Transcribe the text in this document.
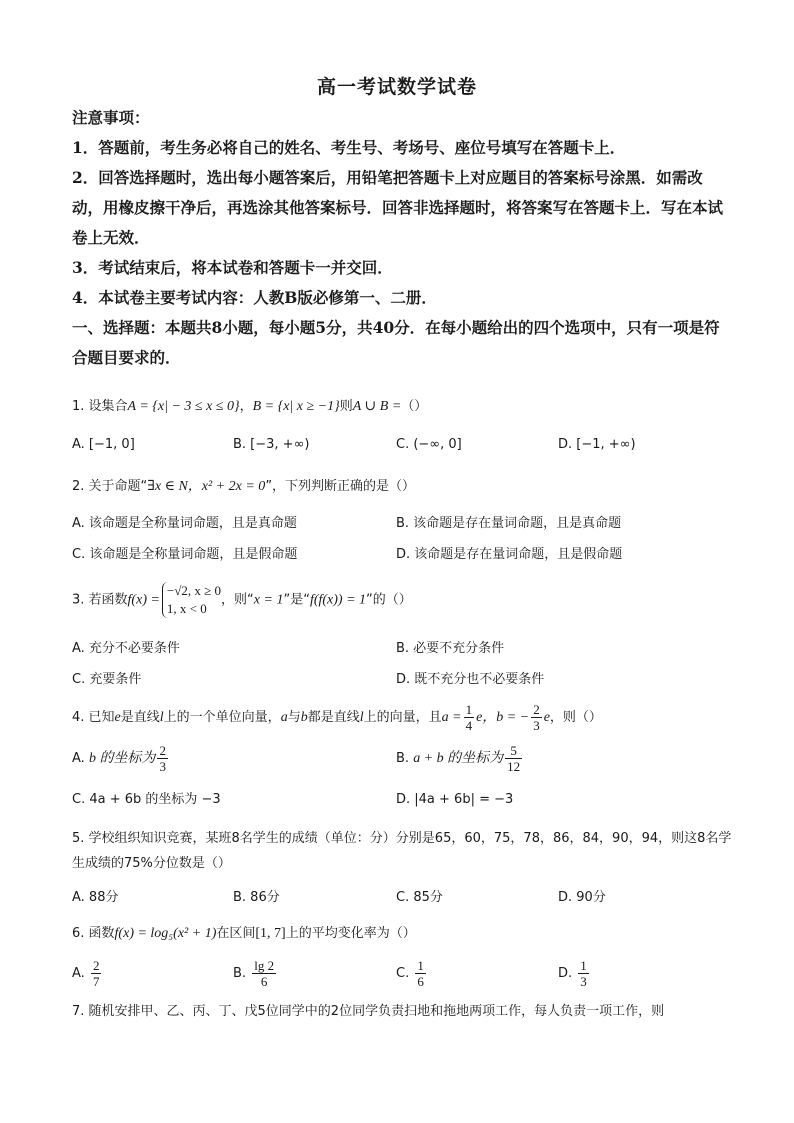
高一考试数学试卷

注意事项：

1．答题前，考生务必将自己的姓名、考生号、考场号、座位号填写在答题卡上．

2．回答选择题时，选出每小题答案后，用铅笔把答题卡上对应题目的答案标号涂黑．如需改动，用橡皮擦干净后，再选涂其他答案标号．回答非选择题时，将答案写在答题卡上．写在本试卷上无效．

3．考试结束后，将本试卷和答题卡一并交回．

4．本试卷主要考试内容：人教B版必修第一、二册．

一、选择题：本题共8小题，每小题5分，共40分．在每小题给出的四个选项中，只有一项是符合题目要求的．

1. 设集合A = {x| − 3 ≤ x ≤ 0}，B = {x| x ≥ −1}则A ∪ B =（）
A. [−1, 0]	B. [−3, +∞)	C. (−∞, 0]	D. [−1, +∞)
2. 关于命题“∃x ∈ N，x² + 2x = 0”，下列判断正确的是（）
A. 该命题是全称量词命题，且是真命题	B. 该命题是存在量词命题，且是真命题
C. 该命题是全称量词命题，且是假命题	D. 该命题是存在量词命题，且是假命题
3. 若函数f(x) =
−√2, x ≥ 0
1, x < 0
，则“x = 1”是“f(f(x)) = 1”的（）
A. 充分不必要条件	B. 必要不充分条件
C. 充要条件	D. 既不充分也不必要条件
4. 已知e是直线l上的一个单位向量，a与b都是直线l上的向量，且$a = \frac{1}{4}$ e，b = − $\frac{2}{3}$ e，则（）
A. b 的坐标为 $\frac{2}{3}$	B. a + b 的坐标为 $\frac{5}{12}$
C. 4a + 6b 的坐标为 −3	D. |4a + 6b| = −3
5. 学校组织知识竞赛，某班8名学生的成绩（单位：分）分别是65，60，75，78，86，84，90，94，则这8名学生成绩的75%分位数是（）
A. 88分	B. 86分	C. 85分	D. 90分
6. 函数f(x) = log₅(x² + 1)在区间[1, 7]上的平均变化率为（）
A. $\frac{2}{7}$	B. $\frac{\lg 2}{6}$	C. $\frac{1}{6}$	D. $\frac{1}{3}$
7. 随机安排甲、乙、丙、丁、戊5位同学中的2位同学负责扫地和拖地两项工作，每人负责一项工作，则
